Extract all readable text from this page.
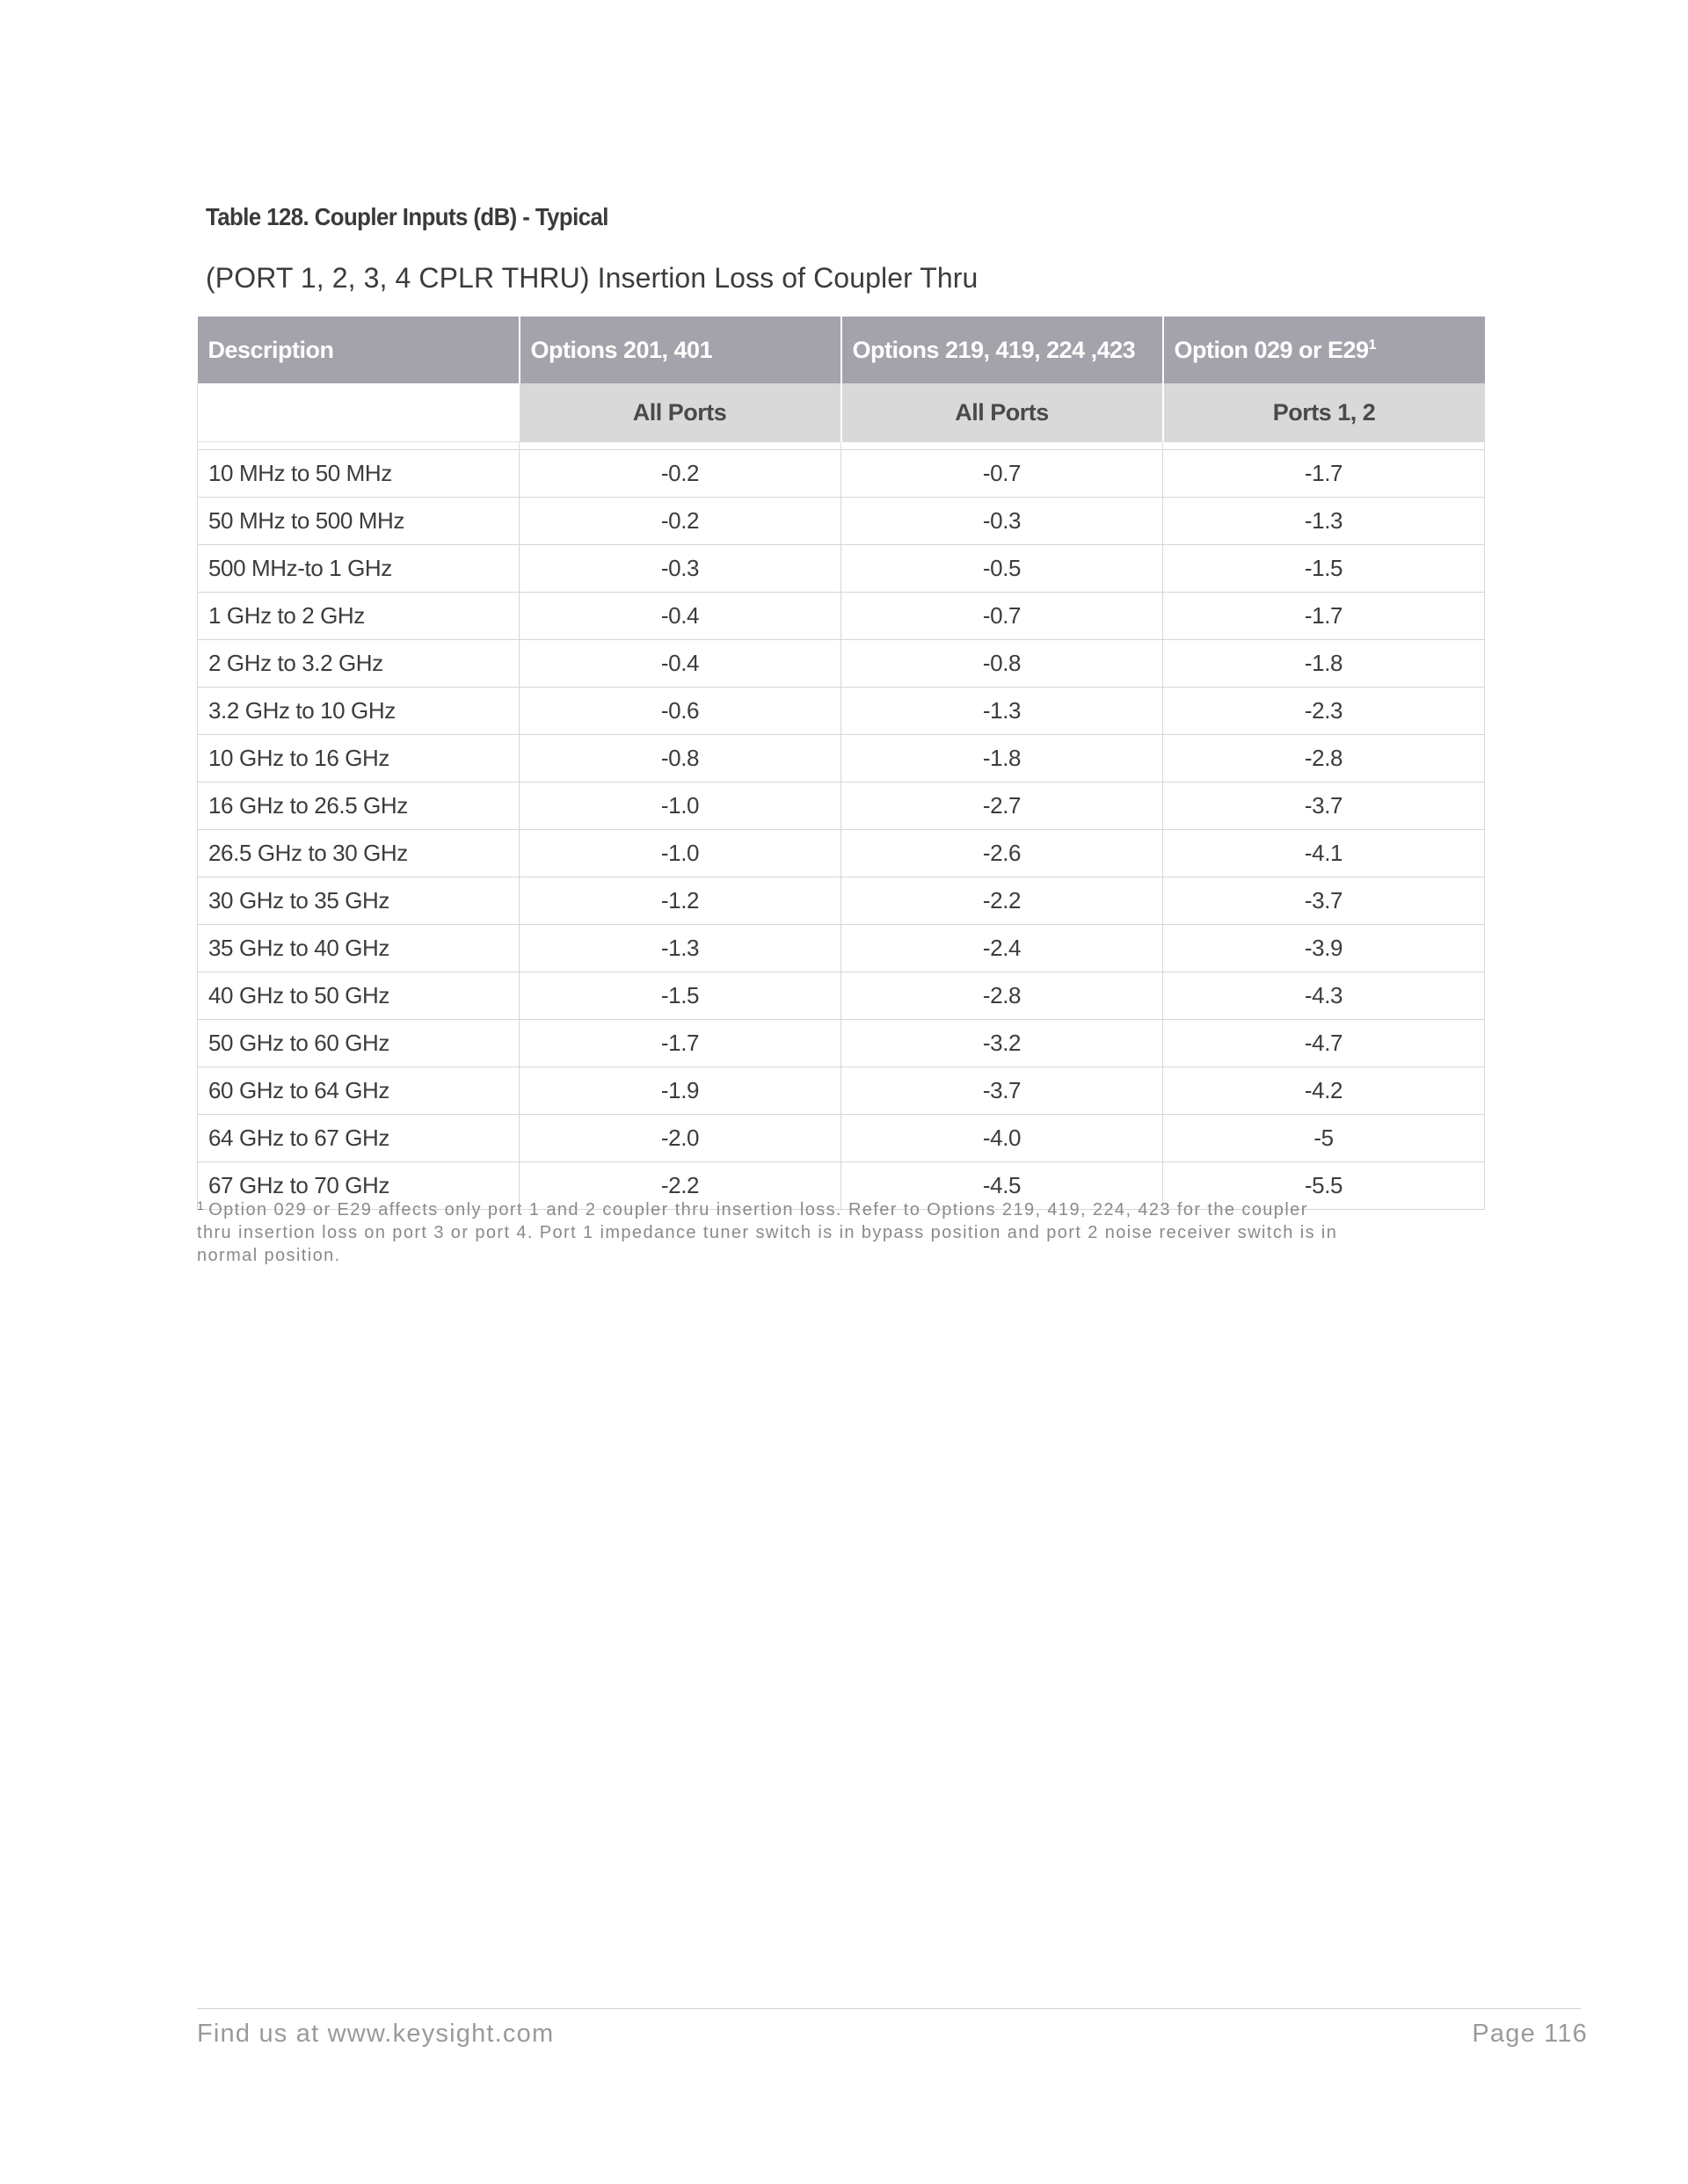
Table 128. Coupler Inputs (dB) - Typical
(PORT 1, 2, 3, 4 CPLR THRU) Insertion Loss of Coupler Thru
Description	Options 201, 401	Options 219, 419, 224 ,423	Option 029 or $E29^1$
	All Ports	All Ports	Ports 1, 2

10 MHz to 50 MHz	-0.2	-0.7	-1.7
50 MHz to 500 MHz	-0.2	-0.3	-1.3
500 MHz-to 1 GHz	-0.3	-0.5	-1.5
1 GHz to 2 GHz	-0.4	-0.7	-1.7
2 GHz to 3.2 GHz	-0.4	-0.8	-1.8
3.2 GHz to 10 GHz	-0.6	-1.3	-2.3
10 GHz to 16 GHz	-0.8	-1.8	-2.8
16 GHz to 26.5 GHz	-1.0	-2.7	-3.7
26.5 GHz to 30 GHz	-1.0	-2.6	-4.1
30 GHz to 35 GHz	-1.2	-2.2	-3.7
35 GHz to 40 GHz	-1.3	-2.4	-3.9
40 GHz to 50 GHz	-1.5	-2.8	-4.3
50 GHz to 60 GHz	-1.7	-3.2	-4.7
60 GHz to 64 GHz	-1.9	-3.7	-4.2
64 GHz to 67 GHz	-2.0	-4.0	-5
67 GHz to 70 GHz	-2.2	-4.5	-5.5
$^1$ Option 029 or E29 affects only port 1 and 2 coupler thru insertion loss. Refer to Options 219, 419, 224, 423 for the coupler thru insertion loss on port 3 or port 4. Port 1 impedance tuner switch is in bypass position and port 2 noise receiver switch is in normal position.
Find us at www.keysight.com	Page 116
